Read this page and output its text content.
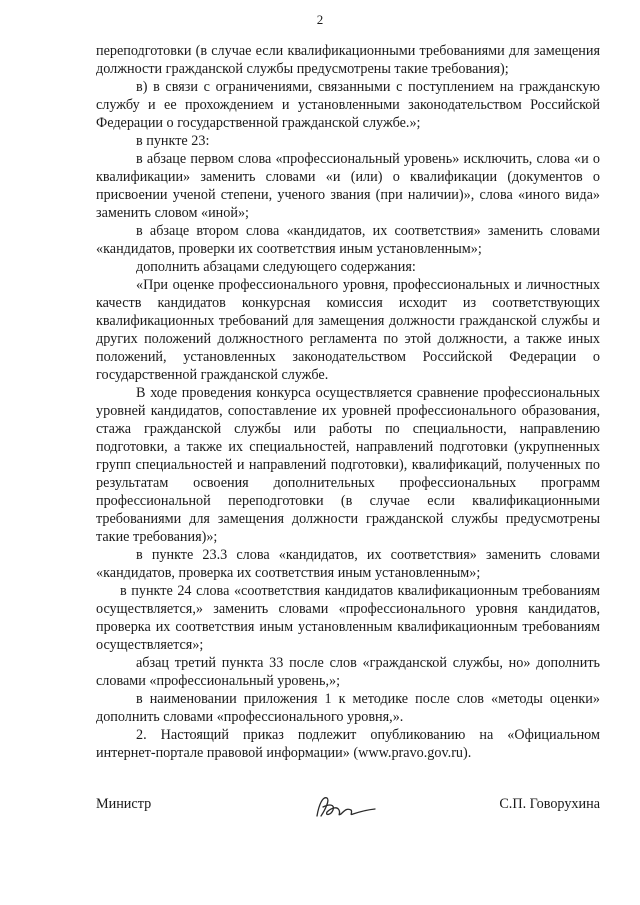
2

переподготовки (в случае если квалификационными требованиями для замещения должности гражданской службы предусмотрены такие требования);

в) в связи с ограничениями, связанными с поступлением на гражданскую службу и ее прохождением и установленными законодательством Российской Федерации о государственной гражданской службе.»;

в пункте 23:

в абзаце первом слова «профессиональный уровень» исключить, слова «и о квалификации» заменить словами «и (или) о квалификации (документов о присвоении ученой степени, ученого звания (при наличии)», слова «иного вида» заменить словом «иной»;

в абзаце втором слова «кандидатов, их соответствия» заменить словами «кандидатов, проверки их соответствия иным установленным»;

дополнить абзацами следующего содержания:

«При оценке профессионального уровня, профессиональных и личностных качеств кандидатов конкурсная комиссия исходит из соответствующих квалификационных требований для замещения должности гражданской службы и других положений должностного регламента по этой должности, а также иных положений, установленных законодательством Российской Федерации о государственной гражданской службе.

В ходе проведения конкурса осуществляется сравнение профессиональных уровней кандидатов, сопоставление их уровней профессионального образования, стажа гражданской службы или работы по специальности, направлению подготовки, а также их специальностей, направлений подготовки (укрупненных групп специальностей и направлений подготовки), квалификаций, полученных по результатам освоения дополнительных профессиональных программ профессиональной переподготовки (в случае если квалификационными требованиями для замещения должности гражданской службы предусмотрены такие требования)»;

в пункте 23.3 слова «кандидатов, их соответствия» заменить словами «кандидатов, проверка их соответствия иным установленным»;

в пункте 24 слова «соответствия кандидатов квалификационным требованиям осуществляется,» заменить словами «профессионального уровня кандидатов, проверка их соответствия иным установленным квалификационным требованиям осуществляется»;

абзац третий пункта 33 после слов «гражданской службы, но» дополнить словами «профессиональный уровень,»;

в наименовании приложения 1 к методике после слов «методы оценки» дополнить словами «профессионального уровня,».

2. Настоящий приказ подлежит опубликованию на «Официальном интернет-портале правовой информации» (www.pravo.gov.ru).

Министр	С.П. Говорухина
